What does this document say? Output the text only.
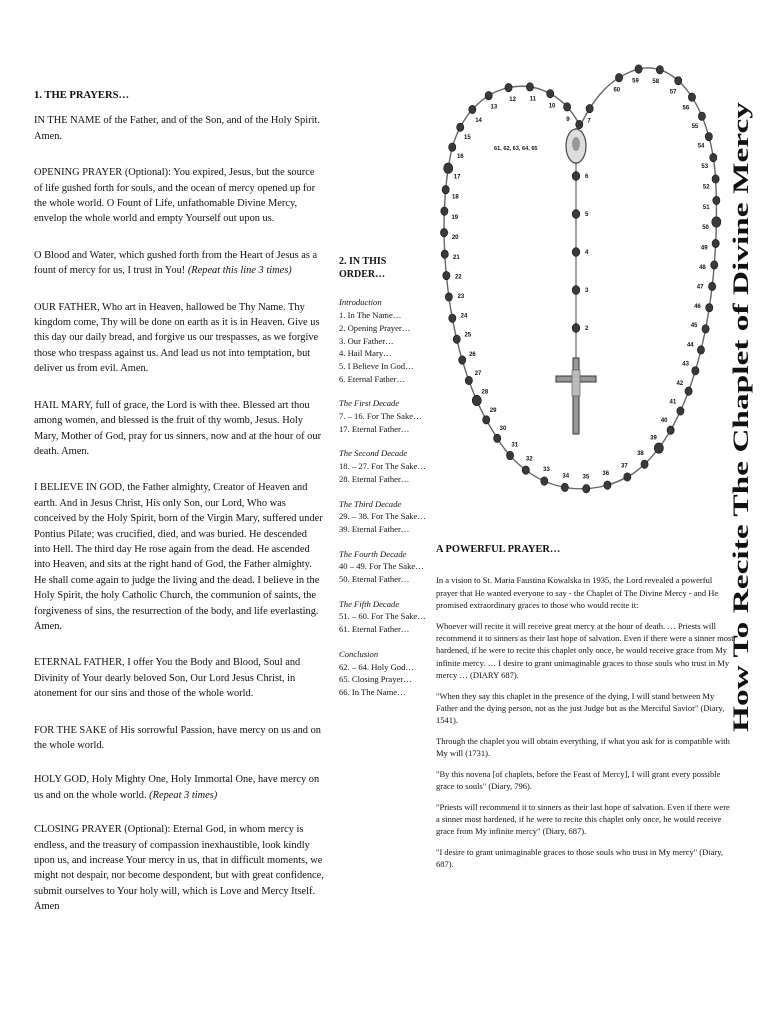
1. THE PRAYERS…

IN THE NAME of the Father, and of the Son, and of the Holy Spirit. Amen.

OPENING PRAYER (Optional): You expired, Jesus, but the source of life gushed forth for souls, and the ocean of mercy opened up for the whole world. O Fount of Life, unfathomable Divine Mercy, envelop the whole world and empty Yourself out upon us.

O Blood and Water, which gushed forth from the Heart of Jesus as a fount of mercy for us, I trust in You! (Repeat this line 3 times)

OUR FATHER, Who art in Heaven, hallowed be Thy Name. Thy kingdom come, Thy will be done on earth as it is in Heaven. Give us this day our daily bread, and forgive us our trespasses, as we forgive those who trespass against us. And lead us not into temptation, but deliver us from evil. Amen.

HAIL MARY, full of grace, the Lord is with thee. Blessed art thou among women, and blessed is the fruit of thy womb, Jesus. Holy Mary, Mother of God, pray for us sinners, now and at the hour of our death. Amen.

I BELIEVE IN GOD, the Father almighty, Creator of Heaven and earth. And in Jesus Christ, His only Son, our Lord, Who was conceived by the Holy Spirit, born of the Virgin Mary, suffered under Pontius Pilate; was crucified, died, and was buried. He descended into Hell. The third day He rose again from the dead. He ascended into Heaven, and sits at the right hand of God, the Father almighty. He shall come again to judge the living and the dead. I believe in the Holy Spirit, the holy Catholic Church, the communion of saints, the forgiveness of sins, the resurrection of the body, and life everlasting. Amen.

ETERNAL FATHER, I offer You the Body and Blood, Soul and Divinity of Your dearly beloved Son, Our Lord Jesus Christ, in atonement for our sins and those of the whole world.

FOR THE SAKE of His sorrowful Passion, have mercy on us and on the whole world.

HOLY GOD, Holy Mighty One, Holy Immortal One, have mercy on us and on the whole world. (Repeat 3 times)

CLOSING PRAYER (Optional): Eternal God, in whom mercy is endless, and the treasury of compassion inexhaustible, look kindly upon us, and increase Your mercy in us, that in difficult moments, we might not despair, nor become despondent, but with great confidence, submit ourselves to Your holy will, which is Love and Mercy Itself. Amen

2. IN THIS ORDER…
Introduction
1. In The Name…
2. Opening Prayer…
3. Our Father…
4. Hail Mary…
5. I Believe In God…
6. Eternal Father…
The First Decade
7. – 16. For The Sake…
17. Eternal Father…
The Second Decade
18. – 27. For The Sake…
28. Eternal Father…
The Third Decade
29. – 38. For The Sake…
39. Eternal Father…
The Fourth Decade
40 – 49. For The Sake…
50. Eternal Father…
The Fifth Decade
51. – 60. For The Sake…
61. Eternal Father…
Conclusion
62. – 64. Holy God…
65. Closing Prayer…
66. In The Name…
7
9
10
11
12
13
14
15
16
17
18
19
20
21
22
23
24
25
26
27
28
29
30
31
32
33
34 35
36
37
38
39
40
41
42
43
44
45
46
47
48
49
50
51
52
53
54
55
56
57
58
59
60
6
5
4
3
2
61, 62, 63, 64, 65
A POWERFUL PRAYER…

In a vision to St. Maria Faustina Kowalska in 1935, the Lord revealed a powerful prayer that He wanted everyone to say - the Chaplet of The Divine Mercy - and He promised extraordinary graces to those who would recite it:

Whoever will recite it will receive great mercy at the hour of death. … Priests will recommend it to sinners as their last hope of salvation. Even if there were a sinner most hardened, if he were to recite this chaplet only once, he would receive grace from My infinite mercy. … I desire to grant unimaginable graces to those souls who trust in My mercy … (DIARY 687).

"When they say this chaplet in the presence of the dying, I will stand between My Father and the dying person, not as the just Judge but as the Merciful Savior" (Diary, 1541).

Through the chaplet you will obtain everything, if what you ask for is compatible with My will (1731).

"By this novena [of chaplets, before the Feast of Mercy], I will grant every possible grace to souls" (Diary, 796).

"Priests will recommend it to sinners as their last hope of salvation. Even if there were a sinner most hardened, if he were to recite this chaplet only once, he would receive grace from My infinite mercy" (Diary, 687).

"I desire to grant unimaginable graces to those souls who trust in My mercy" (Diary, 687).

How To Recite The Chaplet of Divine Mercy
